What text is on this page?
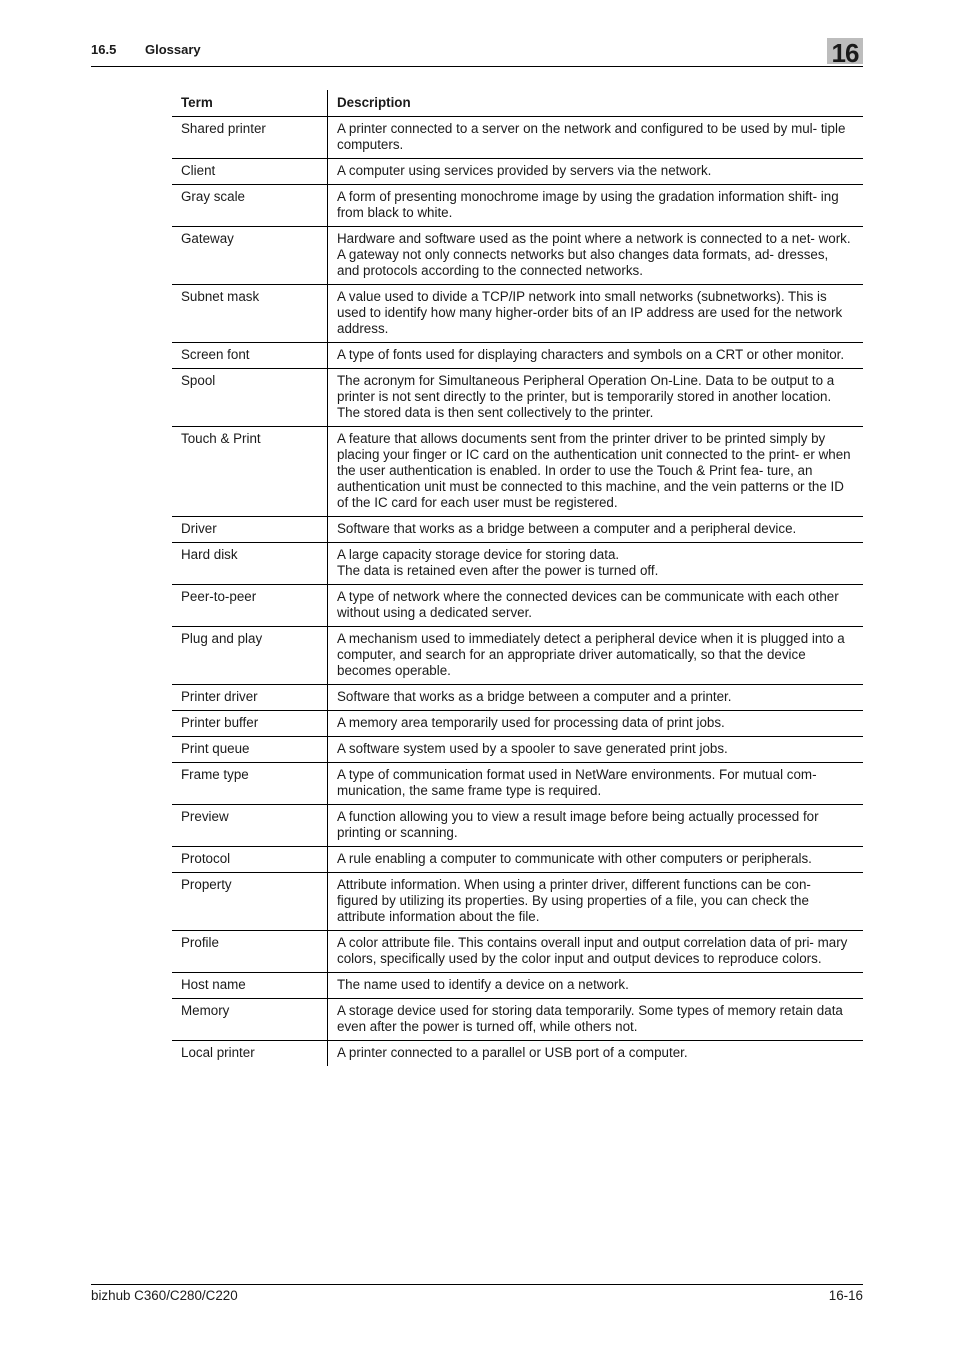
16.5 Glossary	16
Term	Description
Shared printer	A printer connected to a server on the network and configured to be used by mul- tiple computers.
Client	A computer using services provided by servers via the network.
Gray scale	A form of presenting monochrome image by using the gradation information shift- ing from black to white.
Gateway	Hardware and software used as the point where a network is connected to a net- work. A gateway not only connects networks but also changes data formats, ad- dresses, and protocols according to the connected networks.
Subnet mask	A value used to divide a TCP/IP network into small networks (subnetworks). This is used to identify how many higher-order bits of an IP address are used for the network address.
Screen font	A type of fonts used for displaying characters and symbols on a CRT or other monitor.
Spool	The acronym for Simultaneous Peripheral Operation On-Line. Data to be output to a printer is not sent directly to the printer, but is temporarily stored in another location. The stored data is then sent collectively to the printer.
Touch & Print	A feature that allows documents sent from the printer driver to be printed simply by placing your finger or IC card on the authentication unit connected to the print- er when the user authentication is enabled. In order to use the Touch & Print fea- ture, an authentication unit must be connected to this machine, and the vein patterns or the ID of the IC card for each user must be registered.
Driver	Software that works as a bridge between a computer and a peripheral device.
Hard disk	A large capacity storage device for storing data.
The data is retained even after the power is turned off.
Peer-to-peer	A type of network where the connected devices can be communicate with each other without using a dedicated server.
Plug and play	A mechanism used to immediately detect a peripheral device when it is plugged into a computer, and search for an appropriate driver automatically, so that the device becomes operable.
Printer driver	Software that works as a bridge between a computer and a printer.
Printer buffer	A memory area temporarily used for processing data of print jobs.
Print queue	A software system used by a spooler to save generated print jobs.
Frame type	A type of communication format used in NetWare environments. For mutual com- munication, the same frame type is required.
Preview	A function allowing you to view a result image before being actually processed for printing or scanning.
Protocol	A rule enabling a computer to communicate with other computers or peripherals.
Property	Attribute information. When using a printer driver, different functions can be con- figured by utilizing its properties. By using properties of a file, you can check the attribute information about the file.
Profile	A color attribute file. This contains overall input and output correlation data of pri- mary colors, specifically used by the color input and output devices to reproduce colors.
Host name	The name used to identify a device on a network.
Memory	A storage device used for storing data temporarily. Some types of memory retain data even after the power is turned off, while others not.
Local printer	A printer connected to a parallel or USB port of a computer.
bizhub C360/C280/C220	16-16
